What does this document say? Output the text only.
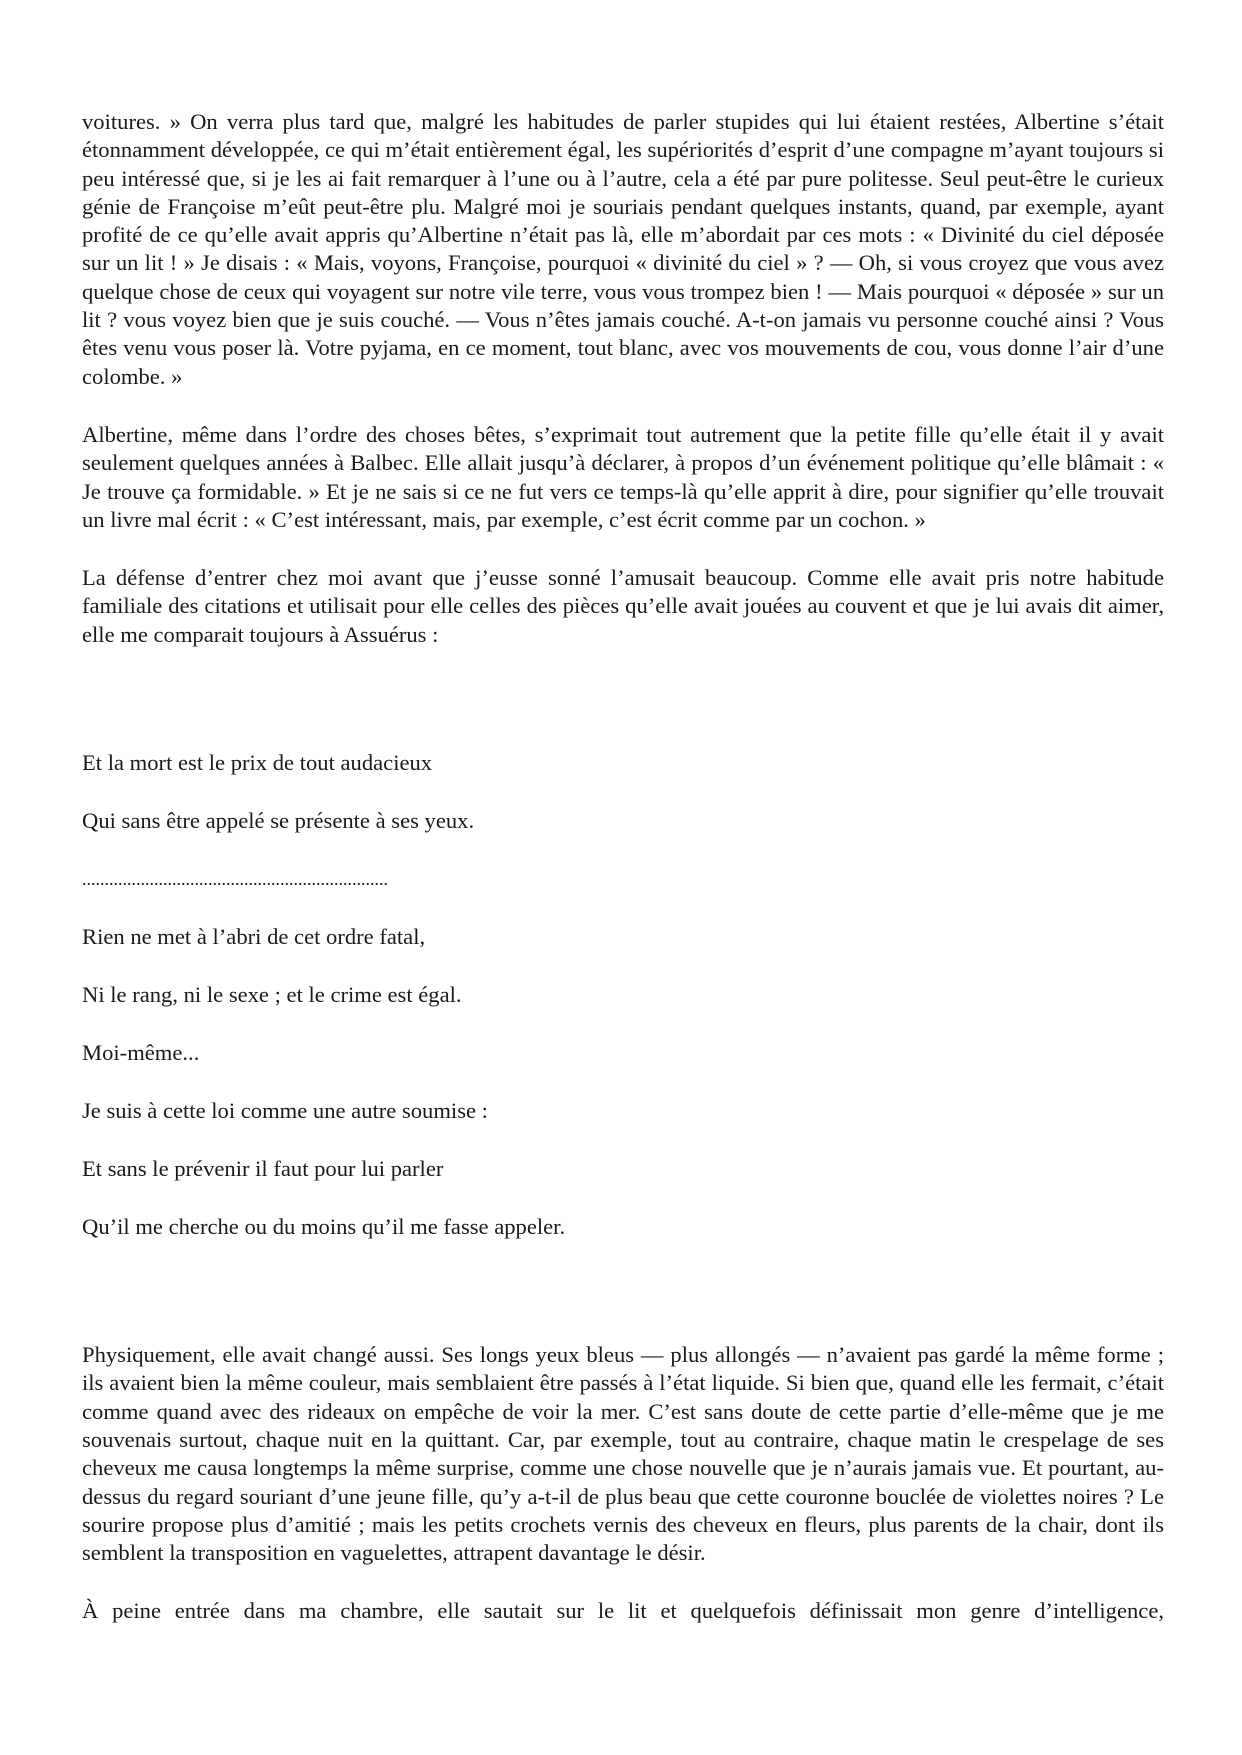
voitures. » On verra plus tard que, malgré les habitudes de parler stupides qui lui étaient restées, Albertine s’était étonnamment développée, ce qui m’était entièrement égal, les supériorités d’esprit d’une compagne m’ayant toujours si peu intéressé que, si je les ai fait remarquer à l’une ou à l’autre, cela a été par pure politesse. Seul peut-être le curieux génie de Françoise m’eût peut-être plu. Malgré moi je souriais pendant quelques instants, quand, par exemple, ayant profité de ce qu’elle avait appris qu’Albertine n’était pas là, elle m’abordait par ces mots : « Divinité du ciel déposée sur un lit ! » Je disais : « Mais, voyons, Françoise, pourquoi « divinité du ciel » ? — Oh, si vous croyez que vous avez quelque chose de ceux qui voyagent sur notre vile terre, vous vous trompez bien ! — Mais pourquoi « déposée » sur un lit ? vous voyez bien que je suis couché. — Vous n’êtes jamais couché. A-t-on jamais vu personne couché ainsi ? Vous êtes venu vous poser là. Votre pyjama, en ce moment, tout blanc, avec vos mouvements de cou, vous donne l’air d’une colombe. »

Albertine, même dans l’ordre des choses bêtes, s’exprimait tout autrement que la petite fille qu’elle était il y avait seulement quelques années à Balbec. Elle allait jusqu’à déclarer, à propos d’un événement politique qu’elle blâmait : « Je trouve ça formidable. » Et je ne sais si ce ne fut vers ce temps-là qu’elle apprit à dire, pour signifier qu’elle trouvait un livre mal écrit : « C’est intéressant, mais, par exemple, c’est écrit comme par un cochon. »

La défense d’entrer chez moi avant que j’eusse sonné l’amusait beaucoup. Comme elle avait pris notre habitude familiale des citations et utilisait pour elle celles des pièces qu’elle avait jouées au couvent et que je lui avais dit aimer, elle me comparait toujours à Assuérus :

Et la mort est le prix de tout audacieux

Qui sans être appelé se présente à ses yeux.

....................................................................

Rien ne met à l’abri de cet ordre fatal,

Ni le rang, ni le sexe ; et le crime est égal.

Moi-même...

Je suis à cette loi comme une autre soumise :

Et sans le prévenir il faut pour lui parler

Qu’il me cherche ou du moins qu’il me fasse appeler.

Physiquement, elle avait changé aussi. Ses longs yeux bleus — plus allongés — n’avaient pas gardé la même forme ; ils avaient bien la même couleur, mais semblaient être passés à l’état liquide. Si bien que, quand elle les fermait, c’était comme quand avec des rideaux on empêche de voir la mer. C’est sans doute de cette partie d’elle-même que je me souvenais surtout, chaque nuit en la quittant. Car, par exemple, tout au contraire, chaque matin le crespelage de ses cheveux me causa longtemps la même surprise, comme une chose nouvelle que je n’aurais jamais vue. Et pourtant, au-dessus du regard souriant d’une jeune fille, qu’y a-t-il de plus beau que cette couronne bouclée de violettes noires ? Le sourire propose plus d’amitié ; mais les petits crochets vernis des cheveux en fleurs, plus parents de la chair, dont ils semblent la transposition en vaguelettes, attrapent davantage le désir.

À peine entrée dans ma chambre, elle sautait sur le lit et quelquefois définissait mon genre d’intelligence,
